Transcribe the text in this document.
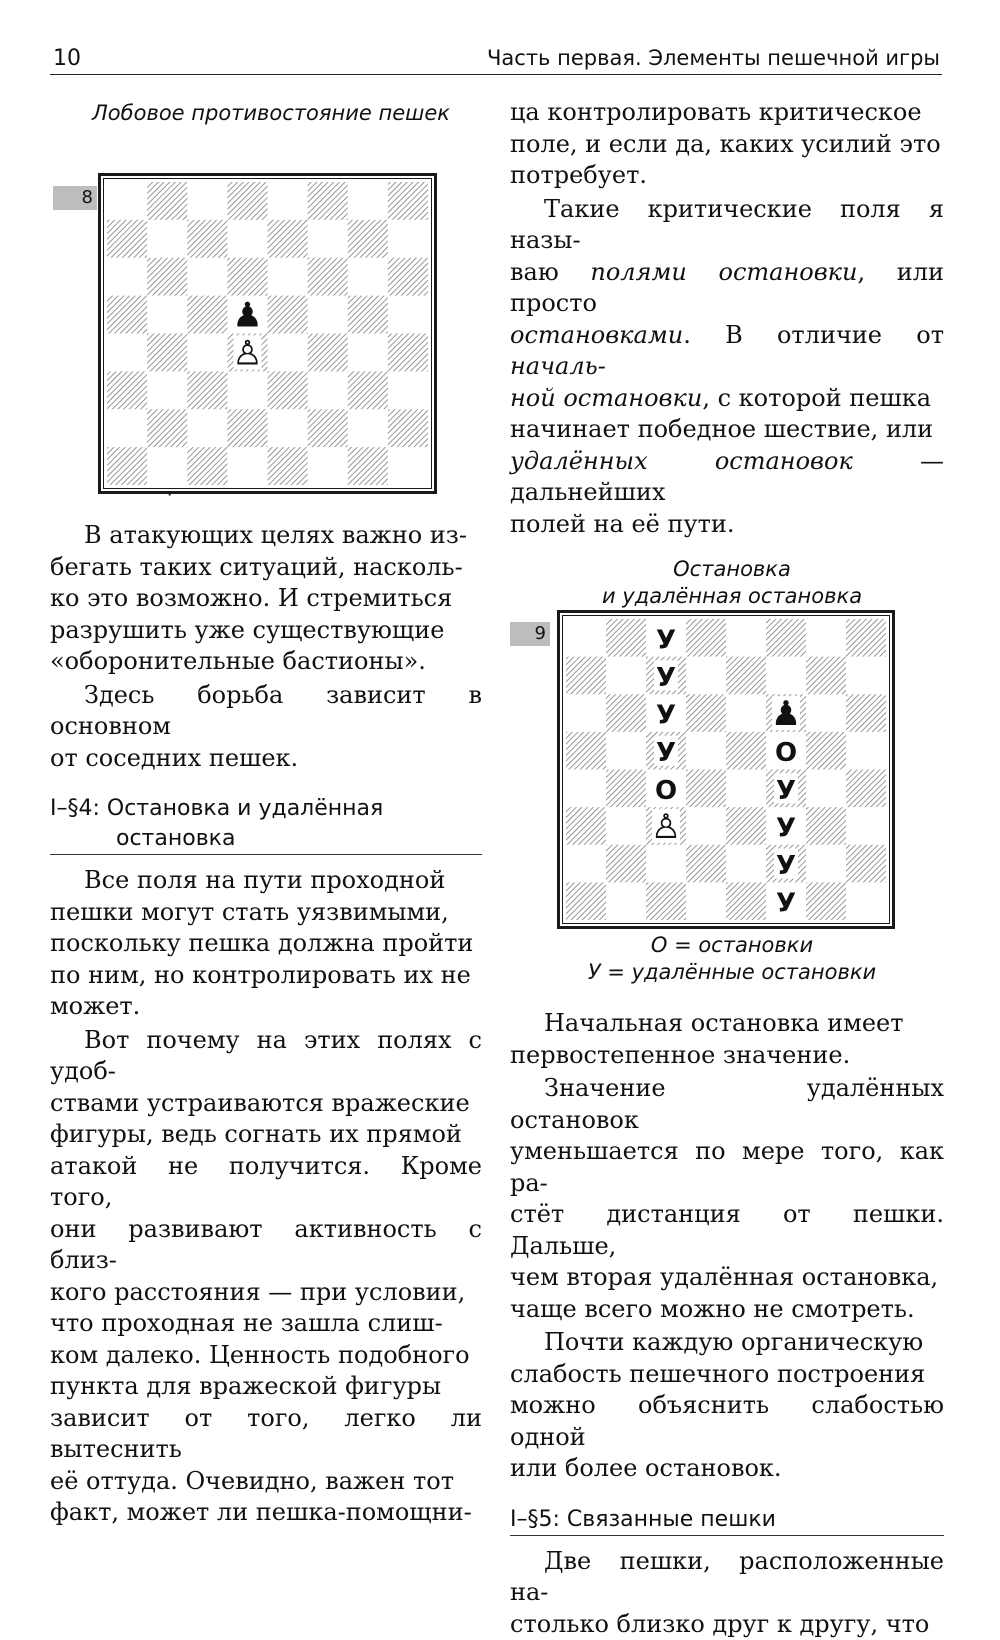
10	Часть первая. Элементы пешечной игры
Лобовое противостояние пешек
8
♟
♙

В атакующих целях важно из-

бегать таких ситуаций, насколь-

ко это возможно. И стремиться

разрушить уже существующие

«оборонительные бастионы».

Здесь борьба зависит в основном

от соседних пешек.

I–§4: Остановка и удалённая
остановка

Все поля на пути проходной

пешки могут стать уязвимыми,

поскольку пешка должна пройти

по ним, но контролировать их не

может.

Вот почему на этих полях с удоб-

ствами устраиваются вражеские

фигуры, ведь согнать их прямой

атакой не получится. Кроме того,

они развивают активность с близ-

кого расстояния — при условии,

что проходная не зашла слиш-

ком далеко. Ценность подобного

пункта для вражеской фигуры

зависит от того, легко ли вытеснить

её оттуда. Очевидно, важен тот

факт, может ли пешка-помощни-

ца контролировать критическое

поле, и если да, каких усилий это

потребует.

Такие критические поля я назы-

ваю полями остановки, или просто

остановками. В отличие от началь-

ной остановки, с которой пешка

начинает победное шествие, или

удалённых остановок — дальнейших

полей на её пути.

Остановка
и удалённая остановка
9	У
У
У
У
О
О
У
У
У
У
♟
♙
О = остановки
У = удалённые остановки

Начальная остановка имеет

первостепенное значение.

Значение удалённых остановок

уменьшается по мере того, как ра-

стёт дистанция от пешки. Дальше,

чем вторая удалённая остановка,

чаще всего можно не смотреть.

Почти каждую органическую

слабость пешечного построения

можно объяснить слабостью одной

или более остановок.

I–§5: Связанные пешки

Две пешки, расположенные на-

столько близко друг к другу, что
